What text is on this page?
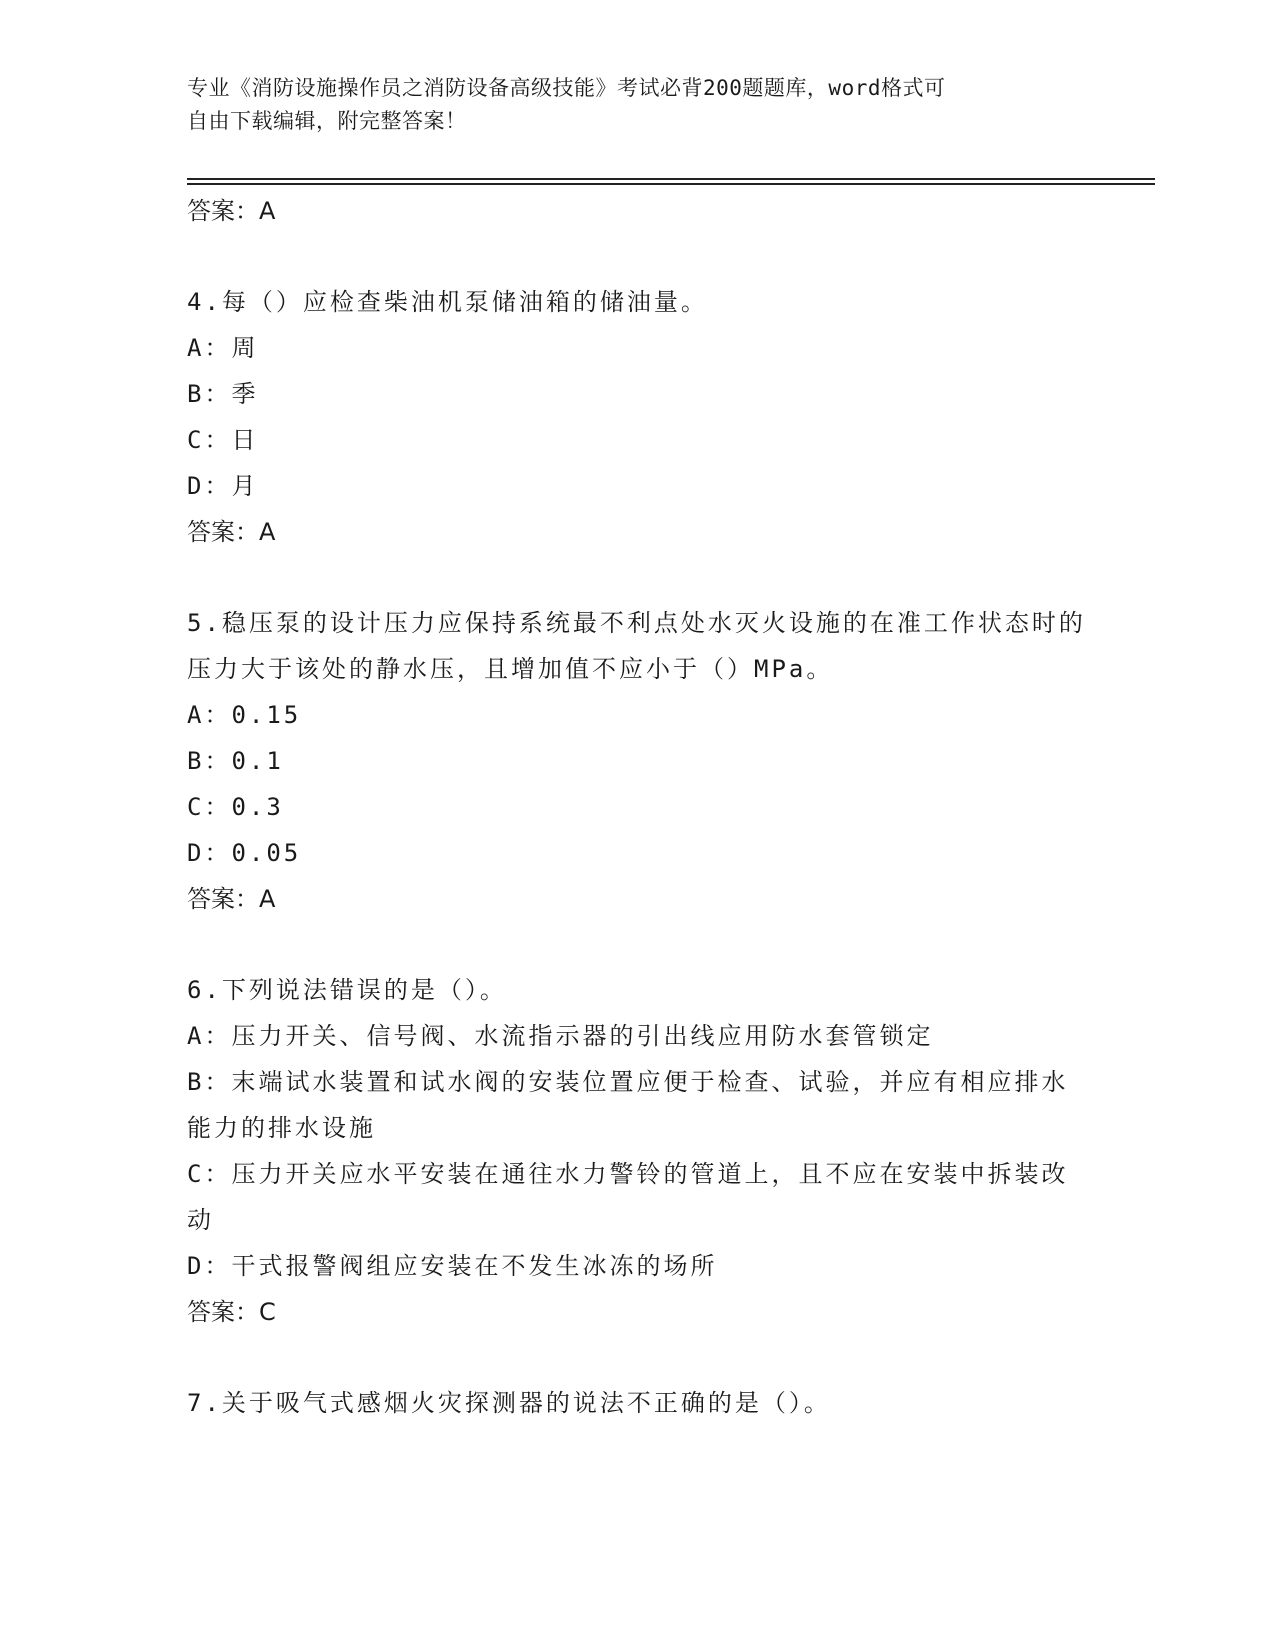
专业《消防设施操作员之消防设备高级技能》考试必背200题题库，word格式可
自由下载编辑，附完整答案！
答案：A
4.每（）应检查柴油机泵储油箱的储油量。
A：周
B：季
C：日
D：月
答案：A
5.稳压泵的设计压力应保持系统最不利点处水灭火设施的在准工作状态时的压力大于该处的静水压，且增加值不应小于（）MPa。
A：0.15
B：0.1
C：0.3
D：0.05
答案：A
6.下列说法错误的是（）。
A：压力开关、信号阀、水流指示器的引出线应用防水套管锁定
B：末端试水装置和试水阀的安装位置应便于检查、试验，并应有相应排水能力的排水设施
C：压力开关应水平安装在通往水力警铃的管道上，且不应在安装中拆装改动
D：干式报警阀组应安装在不发生冰冻的场所
答案：C
7.关于吸气式感烟火灾探测器的说法不正确的是（）。
